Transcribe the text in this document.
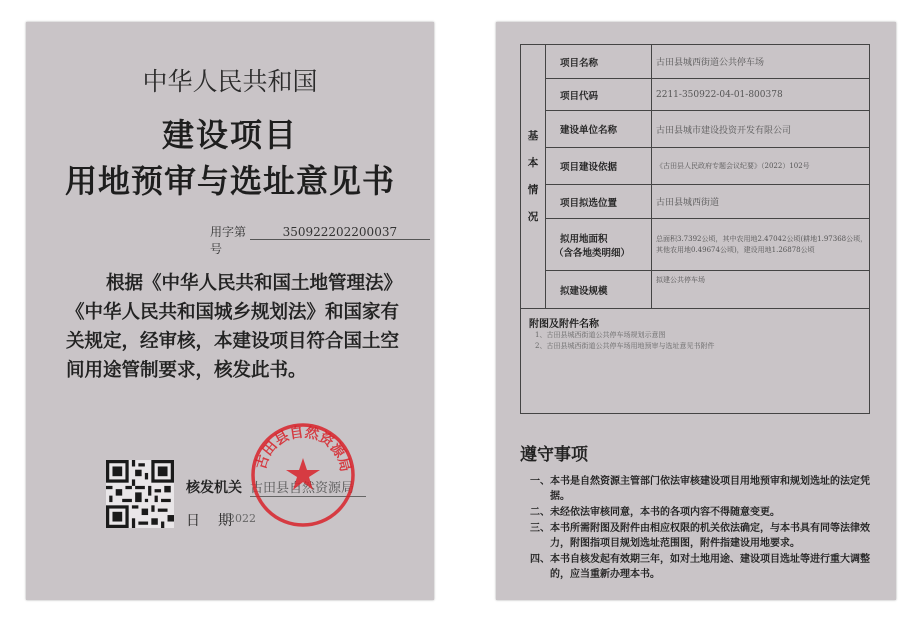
中华人民共和国
建设项目
用地预审与选址意见书
用字第	350922202200037 号
根据《中华人民共和国土地管理法》《中华人民共和国城乡规划法》和国家有关规定，经审核，本建设项目符合国土空间用途管制要求，核发此书。
核发机关 古田县自然资源局
日　期
2022
古田县自然资源局
基
本
情
况	项目名称	古田县城西街道公共停车场
	项目代码	2211-350922-04-01-800378
	建设单位名称	古田县城市建设投资开发有限公司
	项目建设依据	《古田县人民政府专题会议纪要》（2022）102号
	项目拟选位置	古田县城西街道

	拟用地面积
（含各地类明细）	总面积3.7392公顷，其中农用地2.47042公顷(耕地1.97368公顷，其他农用地0.49674公顷)，建设用地1.26878公顷
	拟建设规模	拟建公共停车场

附图及附件名称
1、古田县城西街道公共停车场规划示意图
2、古田县城西街道公共停车场用地预审与选址意见书附件		
遵守事项
一、本书是自然资源主管部门依法审核建设项目用地预审和规划选址的法定凭据。
二、未经依法审核同意，本书的各项内容不得随意变更。
三、本书所需附图及附件由相应权限的机关依法确定，与本书具有同等法律效力，附图指项目规划选址范围图，附件指建设用地要求。
四、本书自核发起有效期三年，如对土地用途、建设项目选址等进行重大调整的，应当重新办理本书。
